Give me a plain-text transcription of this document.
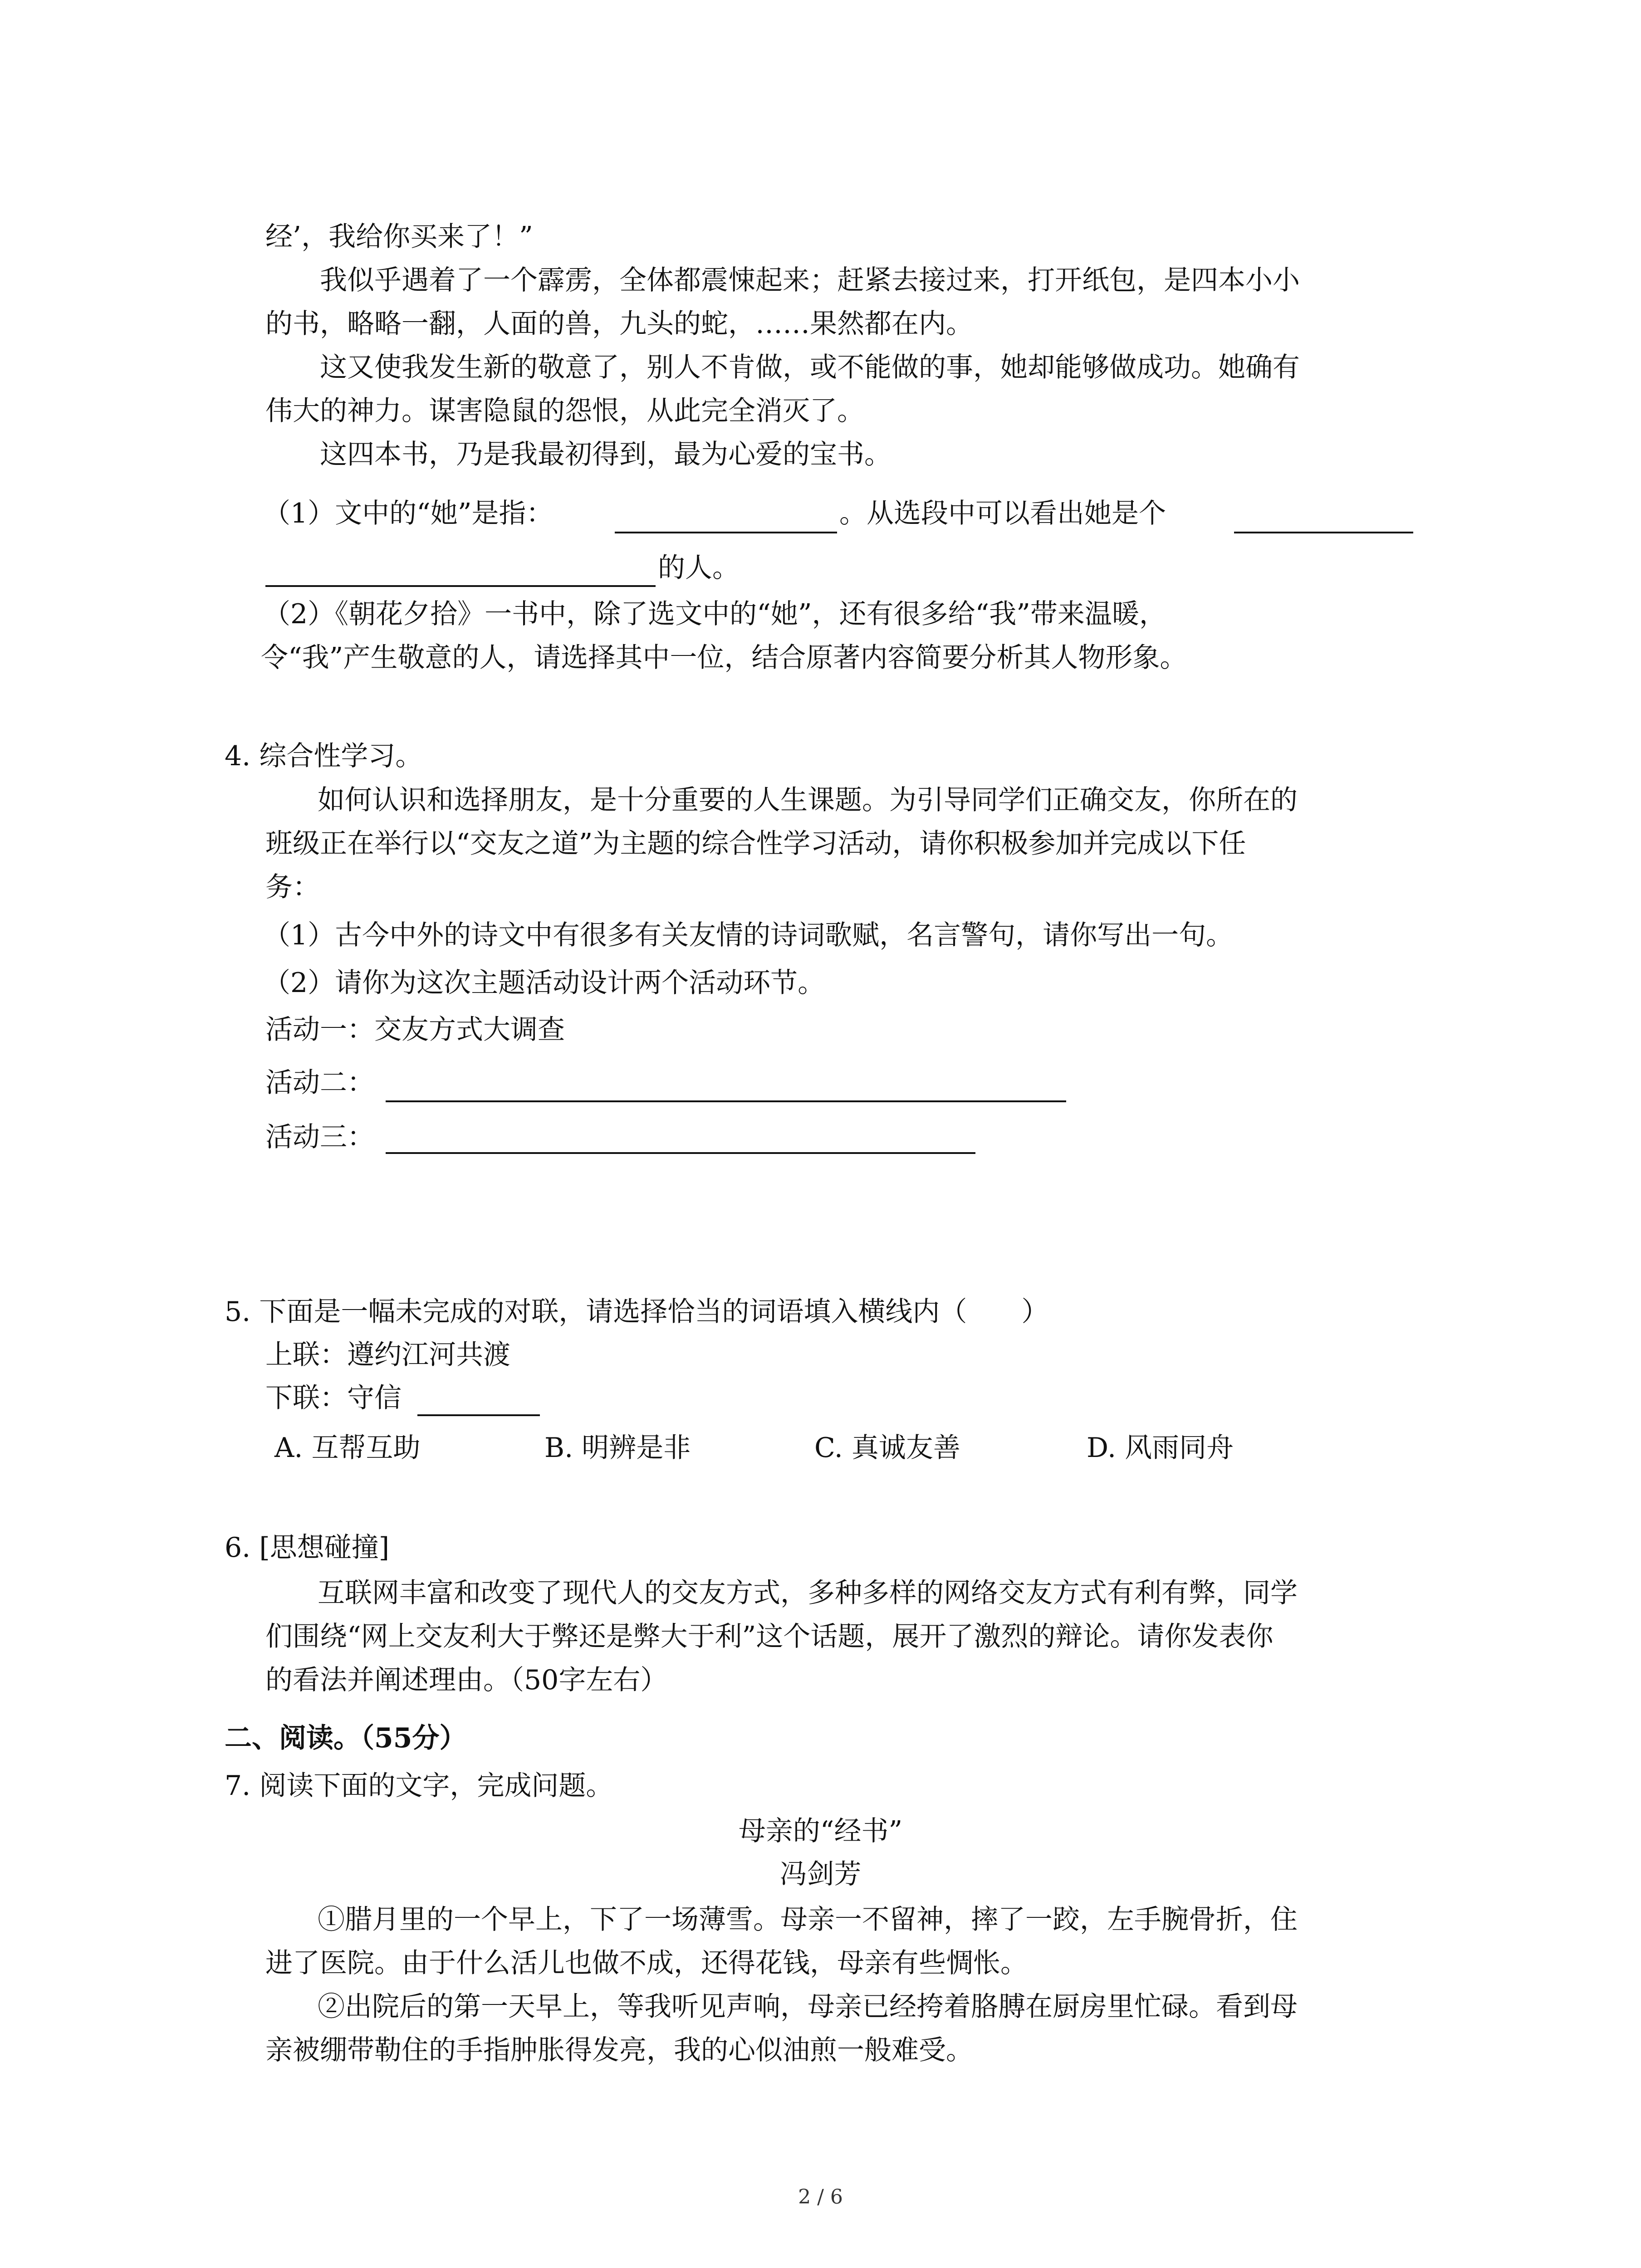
经’，我给你买来了！”
我似乎遇着了一个霹雳，全体都震悚起来；赶紧去接过来，打开纸包，是四本小小
的书，略略一翻，人面的兽，九头的蛇，……果然都在内。
这又使我发生新的敬意了，别人不肯做，或不能做的事，她却能够做成功。她确有
伟大的神力。谋害隐鼠的怨恨，从此完全消灭了。
这四本书，乃是我最初得到，最为心爱的宝书。
（1）文中的“她”是指：	。从选段中可以看出她是个
的人。
（2）《朝花夕拾》一书中，除了选文中的“她”，还有很多给“我”带来温暖，
令“我”产生敬意的人，请选择其中一位，结合原著内容简要分析其人物形象。
4. 综合性学习。
如何认识和选择朋友，是十分重要的人生课题。为引导同学们正确交友，你所在的
班级正在举行以“交友之道”为主题的综合性学习活动，请你积极参加并完成以下任
务：
（1）古今中外的诗文中有很多有关友情的诗词歌赋，名言警句，请你写出一句。
（2）请你为这次主题活动设计两个活动环节。
活动一：交友方式大调查
活动二：
活动三：
5. 下面是一幅未完成的对联，请选择恰当的词语填入横线内（　　）
上联：遵约江河共渡
下联：守信
A. 互帮互助	B. 明辨是非	C. 真诚友善	D. 风雨同舟
6. [思想碰撞]
互联网丰富和改变了现代人的交友方式，多种多样的网络交友方式有利有弊，同学
们围绕“网上交友利大于弊还是弊大于利”这个话题，展开了激烈的辩论。请你发表你
的看法并阐述理由。（50字左右）
二、阅读。（55分）
7. 阅读下面的文字，完成问题。
母亲的“经书”
冯剑芳
①腊月里的一个早上，下了一场薄雪。母亲一不留神，摔了一跤，左手腕骨折，住
进了医院。由于什么活儿也做不成，还得花钱，母亲有些惆怅。
②出院后的第一天早上，等我听见声响，母亲已经挎着胳膊在厨房里忙碌。看到母
亲被绷带勒住的手指肿胀得发亮，我的心似油煎一般难受。
2 / 6
